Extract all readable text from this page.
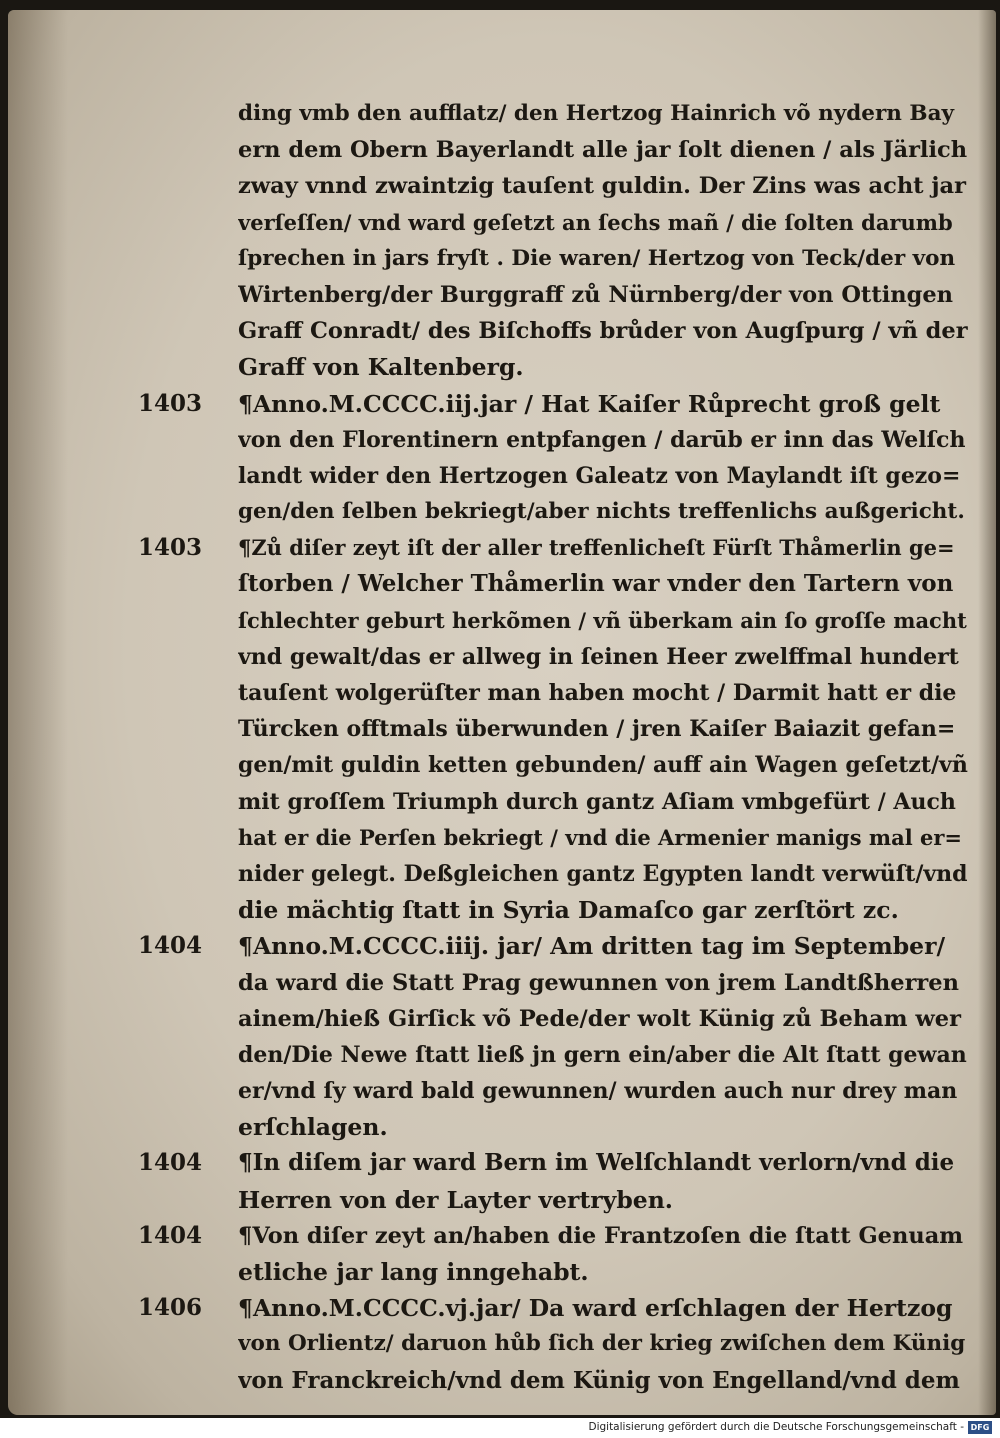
ding vmb den aufflatz/ den Hertzog Hainrich võ nydern Bay
ern dem Obern Bayerlandt alle jar ſolt dienen / als Järlich
zway vnnd zwaintzig tauſent guldin. Der Zins was acht jar
verſeſſen/ vnd ward geſetzt an ſechs mañ / die ſolten darumb
ſprechen in jars fryſt . Die waren/ Hertzog von Teck/der von
Wirtenberg/der Burggraff zů Nürnberg/der von Ottingen
Graff Conradt/ des Biſchoffs brůder von Augſpurg / vñ der
Graff von Kaltenberg.
1403	¶Anno.M.CCCC.iij.jar / Hat Kaiſer Růprecht groß gelt
von den Florentinern entpfangen / darūb er inn das Welſch
landt wider den Hertzogen Galeatz von Maylandt iſt gezo=
gen/den ſelben bekriegt/aber nichts treffenlichs außgericht.
1403	¶Zů diſer zeyt iſt der aller treffenlicheſt Fürſt Thåmerlin ge=
ſtorben / Welcher Thåmerlin war vnder den Tartern von
ſchlechter geburt herkõmen / vñ überkam ain ſo groſſe macht
vnd gewalt/das er allweg in ſeinen Heer zwelffmal hundert
tauſent wolgerüſter man haben mocht / Darmit hatt er die
Türcken offtmals überwunden / jren Kaiſer Baiazit gefan=
gen/mit guldin ketten gebunden/ auff ain Wagen geſetzt/vñ
mit groſſem Triumph durch gantz Aſiam vmbgefürt / Auch
hat er die Perſen bekriegt / vnd die Armenier manigs mal er=
nider gelegt. Deßgleichen gantz Egypten landt verwüſt/vnd
die mächtig ſtatt in Syria Damaſco gar zerſtört zc.
1404	¶Anno.M.CCCC.iiij. jar/ Am dritten tag im September/
da ward die Statt Prag gewunnen von jrem Landtßherren
ainem/hieß Girſick võ Pede/der wolt Künig zů Beham wer
den/Die Newe ſtatt ließ jn gern ein/aber die Alt ſtatt gewan
er/vnd ſy ward bald gewunnen/ wurden auch nur drey man
erſchlagen.
1404	¶In diſem jar ward Bern im Welſchlandt verlorn/vnd die
Herren von der Layter vertryben.
1404	¶Von diſer zeyt an/haben die Frantzoſen die ſtatt Genuam
etliche jar lang inngehabt.
1406	¶Anno.M.CCCC.vj.jar/ Da ward erſchlagen der Hertzog
von Orlientz/ daruon hůb ſich der krieg zwiſchen dem Künig
von Franckreich/vnd dem Künig von Engelland/vnd dem
Digitalisierung gefördert durch die Deutsche Forschungsgemeinschaft - DFG
